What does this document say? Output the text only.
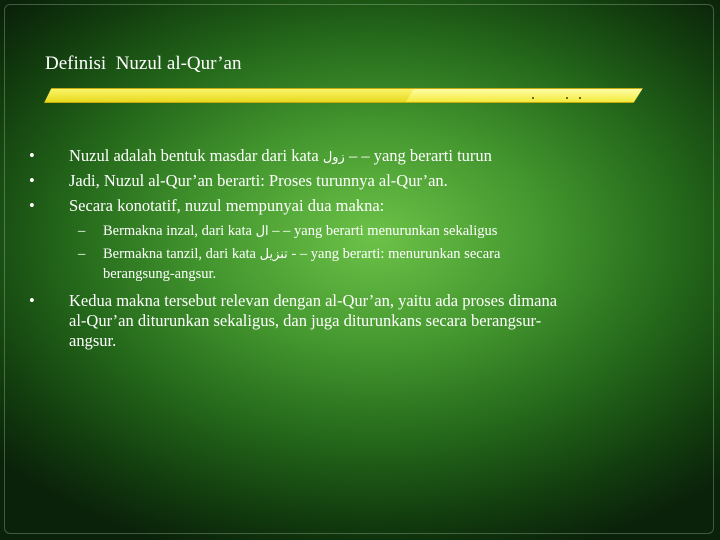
Definisi  Nuzul al-Qur’an
• Nuzul adalah bentuk masdar dari kata زول – – yang berarti turun
• Jadi, Nuzul al-Qur’an berarti: Proses turunnya al-Qur’an.
• Secara konotatif, nuzul mempunyai dua makna:
– Bermakna inzal, dari kata ال – – yang berarti menurunkan sekaligus
– Bermakna tanzil, dari kata تنزيل - – yang berarti: menurunkan secara
berangsung-angsur.
• Kedua makna tersebut relevan dengan al-Qur’an, yaitu ada proses dimana
al-Qur’an diturunkan sekaligus, dan juga diturunkans secara berangsur-
angsur.
